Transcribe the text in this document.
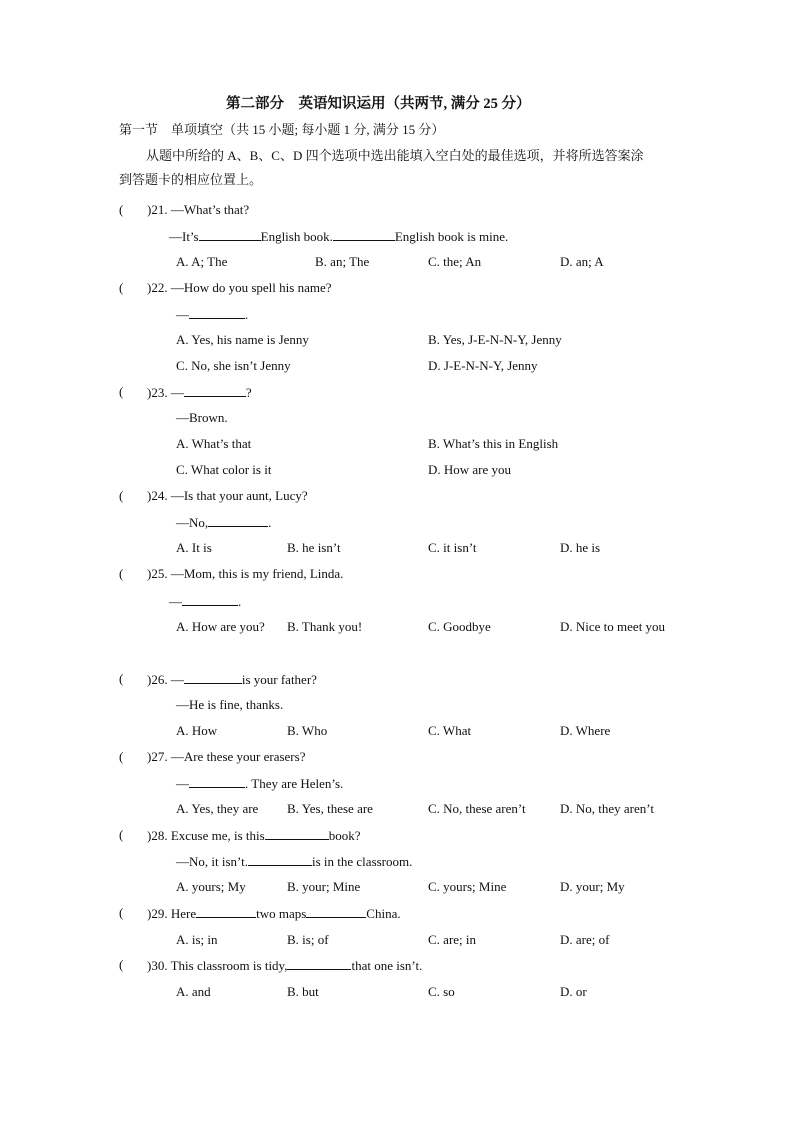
第二部分　英语知识运用（共两节, 满分 25 分）
第一节　单项填空（共 15 小题; 每小题 1 分, 满分 15 分）
从题中所给的 A、B、C、D 四个选项中选出能填入空白处的最佳选项，并将所选答案涂
到答题卡的相应位置上。
( )21. —What’s that?
—It’s	English book.	English book is mine.
A. A; The	B. an; The	C. the; An	D. an; A
( )22. —How do you spell his name?
—	.
A. Yes, his name is Jenny	B. Yes, J-E-N-N-Y, Jenny
C. No, she isn’t Jenny	D. J-E-N-N-Y, Jenny
( )23. —	?
—Brown.
A. What’s that	B. What’s this in English
C. What color is it	D. How are you
( )24. —Is that your aunt, Lucy?
—No,	.
A. It is	B. he isn’t	C. it isn’t	D. he is
( )25. —Mom, this is my friend, Linda.
—	.
A. How are you? B. Thank you!	C. Goodbye	D. Nice to meet you
( )26. —	is your father?
—He is fine, thanks.
A. How	B. Who	C. What	D. Where
( )27. —Are these your erasers?
—	. They are Helen’s.
A. Yes, they are B. Yes, these are	C. No, these aren’t	D. No, they aren’t
( )28. Excuse me, is this	book?
—No, it isn’t.	is in the classroom.
A. yours; My	B. your; Mine	C. yours; Mine	D. your; My
( )29. Here	two maps	China.
A. is; in	B. is; of	C. are; in	D. are; of
( )30. This classroom is tidy,	that one isn’t.
A. and	B. but	C. so	D. or
